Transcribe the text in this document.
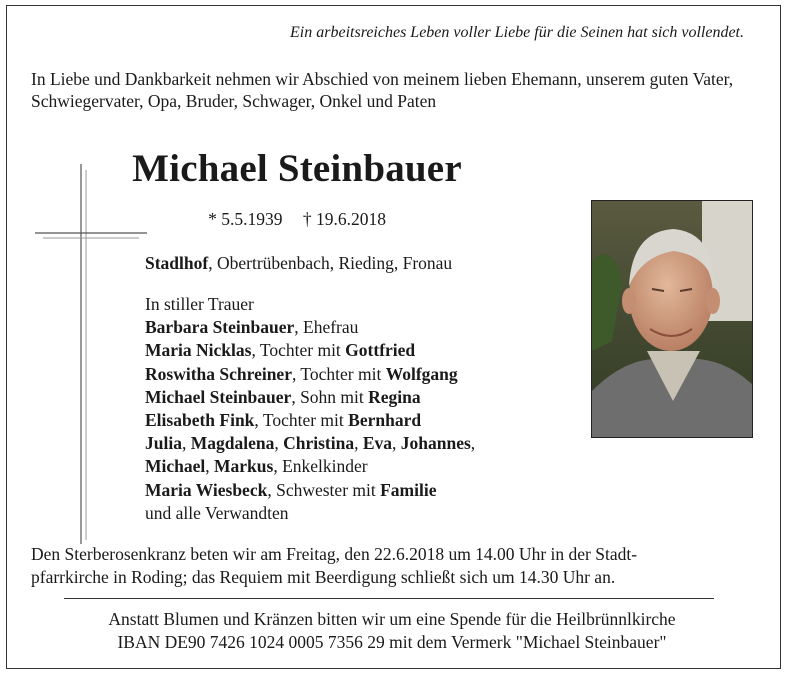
Ein arbeitsreiches Leben voller Liebe für die Seinen hat sich vollendet.
In Liebe und Dankbarkeit nehmen wir Abschied von meinem lieben Ehemann, unserem guten Vater, Schwiegervater, Opa, Bruder, Schwager, Onkel und Paten
Michael Steinbauer
* 5.5.1939 † 19.6.2018
Stadlhof, Obertrübenbach, Rieding, Fronau
In stiller Trauer
Barbara Steinbauer, Ehefrau
Maria Nicklas, Tochter mit Gottfried
Roswitha Schreiner, Tochter mit Wolfgang
Michael Steinbauer, Sohn mit Regina
Elisabeth Fink, Tochter mit Bernhard
Julia, Magdalena, Christina, Eva, Johannes,
Michael, Markus, Enkelkinder
Maria Wiesbeck, Schwester mit Familie
und alle Verwandten
Den Sterberosenkranz beten wir am Freitag, den 22.6.2018 um 14.00 Uhr in der Stadt-
pfarrkirche in Roding; das Requiem mit Beerdigung schließt sich um 14.30 Uhr an.
Anstatt Blumen und Kränzen bitten wir um eine Spende für die Heilbrünnlkirche
IBAN DE90 7426 1024 0005 7356 29 mit dem Vermerk "Michael Steinbauer"
